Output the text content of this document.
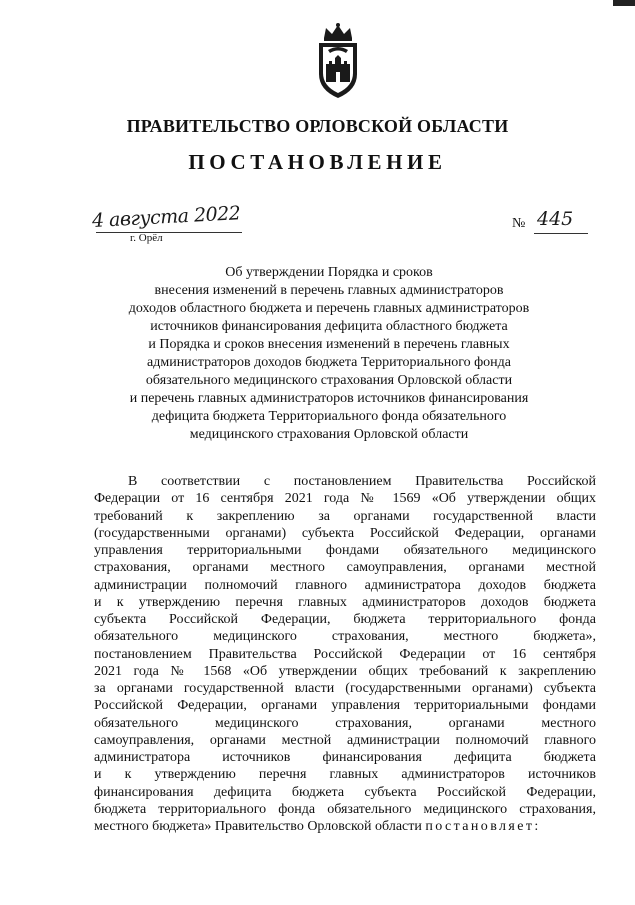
ПРАВИТЕЛЬСТВО ОРЛОВСКОЙ ОБЛАСТИ
ПОСТАНОВЛЕНИЕ
4 августа 2022
г. Орёл
№ 445
Об утверждении Порядка и сроков
внесения изменений в перечень главных администраторов
доходов областного бюджета и перечень главных администраторов
источников финансирования дефицита областного бюджета
и Порядка и сроков внесения изменений в перечень главных
администраторов доходов бюджета Территориального фонда
обязательного медицинского страхования Орловской области
и перечень главных администраторов источников финансирования
дефицита бюджета Территориального фонда обязательного
медицинского страхования Орловской области
В соответствии с постановлением Правительства Российской
Федерации от 16 сентября 2021 года № 1569 «Об утверждении общих
требований к закреплению за органами государственной власти
(государственными органами) субъекта Российской Федерации, органами
управления территориальными фондами обязательного медицинского
страхования, органами местного самоуправления, органами местной
администрации полномочий главного администратора доходов бюджета
и к утверждению перечня главных администраторов доходов бюджета
субъекта Российской Федерации, бюджета территориального фонда
обязательного медицинского страхования, местного бюджета»,
постановлением Правительства Российской Федерации от 16 сентября
2021 года № 1568 «Об утверждении общих требований к закреплению
за органами государственной власти (государственными органами) субъекта
Российской Федерации, органами управления территориальными фондами
обязательного медицинского страхования, органами местного
самоуправления, органами местной администрации полномочий главного
администратора источников финансирования дефицита бюджета
и к утверждению перечня главных администраторов источников
финансирования дефицита бюджета субъекта Российской Федерации,
бюджета территориального фонда обязательного медицинского страхования,
местного бюджета» Правительство Орловской области постановляет:
